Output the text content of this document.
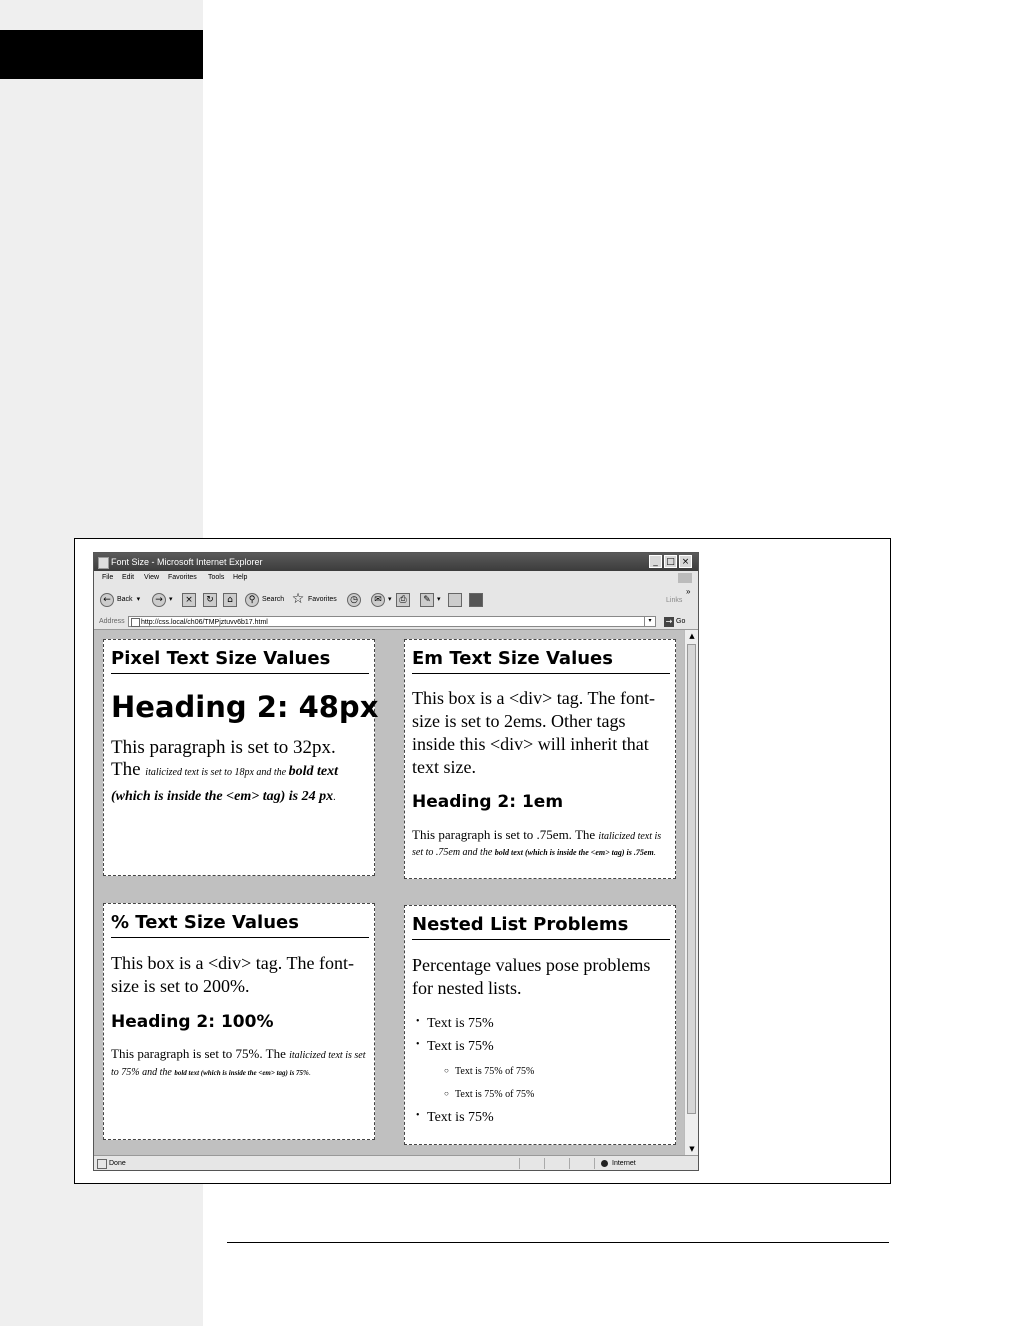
Font Size - Microsoft Internet Explorer	_ □ ×
File Edit View Favorites Tools Help
← Back ▾	→ ▾	×	↻	⌂	⚲ Search ☆ Favorites	◷	✉ ▾ ⎙	✎ ▾	Links
»
Address	http://css.local/ch06/TMPjztuvv6b17.html	▾	→ Go
Pixel Text Size Values
Heading 2: 48px

This paragraph is set to 32px. The italicized text is set to 18px and the bold text (which is inside the <em> tag) is 24 px.

Em Text Size Values

This box is a <div> tag. The font-size is set to 2ems. Other tags inside this <div> will inherit that text size.

Heading 2: 1em

This paragraph is set to .75em. The italicized text is set to .75em and the bold text (which is inside the <em> tag) is .75em.

% Text Size Values

This box is a <div> tag. The font-size is set to 200%.

Heading 2: 100%

This paragraph is set to 75%. The italicized text is set to 75% and the bold text (which is inside the <em> tag) is 75%.

Nested List Problems

Percentage values pose problems for nested lists.

• Text is 75%
• Text is 75%
○ Text is 75% of 75%
○ Text is 75% of 75%
• Text is 75%
▲
▼
Done	Internet
